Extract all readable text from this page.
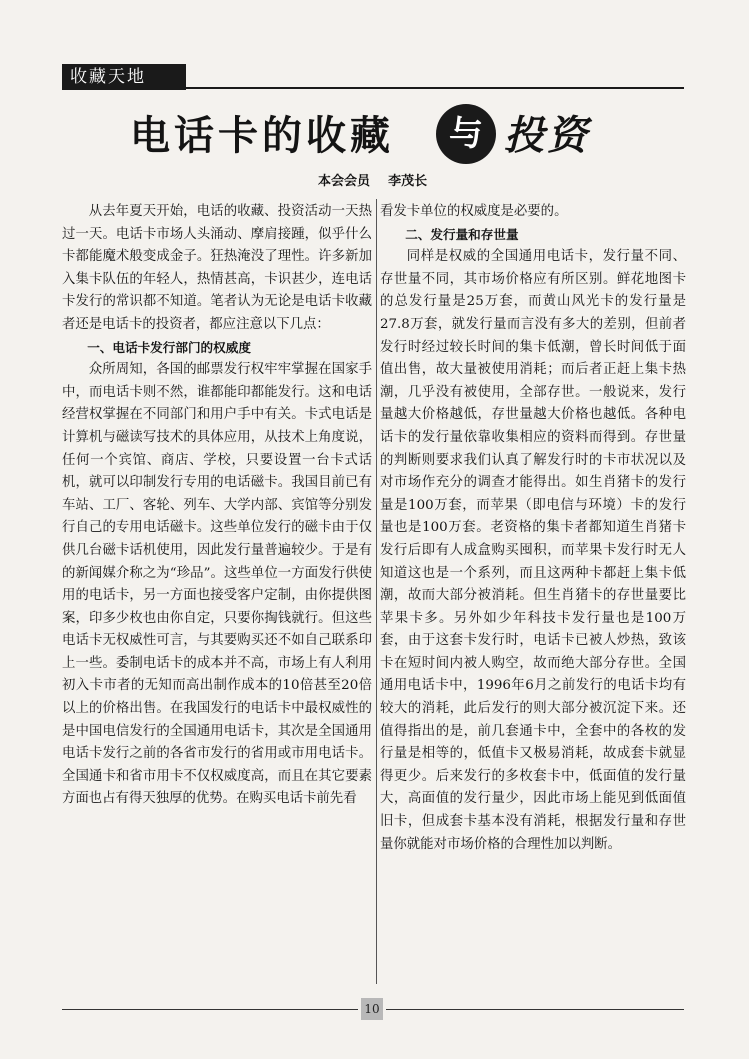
收藏天地
电话卡的收藏	与 投资
本会会员 李茂长

从去年夏天开始，电话的收藏、投资活动一天热过一天。电话卡市场人头涌动、摩肩接踵，似乎什么卡都能魔术般变成金子。狂热淹没了理性。许多新加入集卡队伍的年轻人，热情甚高，卡识甚少，连电话卡发行的常识都不知道。笔者认为无论是电话卡收藏者还是电话卡的投资者，都应注意以下几点：

一、电话卡发行部门的权威度

众所周知，各国的邮票发行权牢牢掌握在国家手中，而电话卡则不然，谁都能印都能发行。这和电话经营权掌握在不同部门和用户手中有关。卡式电话是计算机与磁读写技术的具体应用，从技术上角度说，任何一个宾馆、商店、学校，只要设置一台卡式话机，就可以印制发行专用的电话磁卡。我国目前已有车站、工厂、客轮、列车、大学内部、宾馆等分别发行自己的专用电话磁卡。这些单位发行的磁卡由于仅供几台磁卡话机使用，因此发行量普遍较少。于是有的新闻媒介称之为“珍品”。这些单位一方面发行供使用的电话卡，另一方面也接受客户定制，由你提供图案，印多少枚也由你自定，只要你掏钱就行。但这些电话卡无权威性可言，与其要购买还不如自己联系印上一些。委制电话卡的成本并不高，市场上有人利用初入卡市者的无知而高出制作成本的10倍甚至20倍以上的价格出售。在我国发行的电话卡中最权威性的是中国电信发行的全国通用电话卡，其次是全国通用电话卡发行之前的各省市发行的省用或市用电话卡。全国通卡和省市用卡不仅权威度高，而且在其它要素方面也占有得天独厚的优势。在购买电话卡前先看

看发卡单位的权威度是必要的。

二、发行量和存世量

同样是权威的全国通用电话卡，发行量不同、存世量不同，其市场价格应有所区别。鲜花地图卡的总发行量是25万套，而黄山风光卡的发行量是27.8万套，就发行量而言没有多大的差别，但前者发行时经过较长时间的集卡低潮，曾长时间低于面值出售，故大量被使用消耗；而后者正赶上集卡热潮，几乎没有被使用，全部存世。一般说来，发行量越大价格越低，存世量越大价格也越低。各种电话卡的发行量依靠收集相应的资料而得到。存世量的判断则要求我们认真了解发行时的卡市状况以及对市场作充分的调查才能得出。如生肖猪卡的发行量是100万套，而苹果（即电信与环境）卡的发行量也是100万套。老资格的集卡者都知道生肖猪卡发行后即有人成盒购买囤积，而苹果卡发行时无人知道这也是一个系列，而且这两种卡都赶上集卡低潮，故而大部分被消耗。但生肖猪卡的存世量要比苹果卡多。另外如少年科技卡发行量也是100万套，由于这套卡发行时，电话卡已被人炒热，致该卡在短时间内被人购空，故而绝大部分存世。全国通用电话卡中，1996年6月之前发行的电话卡均有较大的消耗，此后发行的则大部分被沉淀下来。还值得指出的是，前几套通卡中，全套中的各枚的发行量是相等的，低值卡又极易消耗，故成套卡就显得更少。后来发行的多枚套卡中，低面值的发行量大，高面值的发行量少，因此市场上能见到低面值旧卡，但成套卡基本没有消耗，根据发行量和存世量你就能对市场价格的合理性加以判断。

10
